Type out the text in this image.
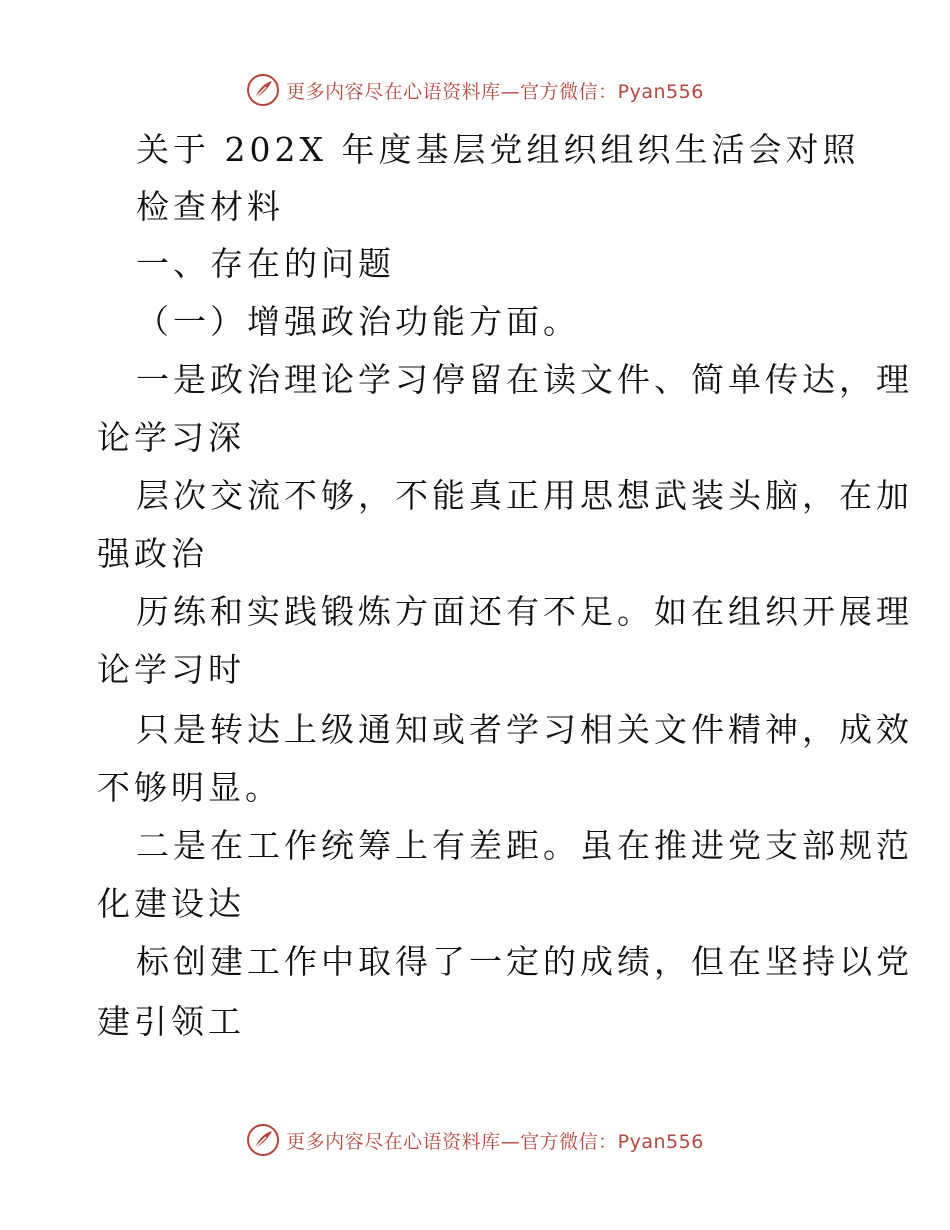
更多内容尽在心语资料库—官方微信：Pyan556
关于 202X 年度基层党组织组织生活会对照
检查材料
一、存在的问题
（一）增强政治功能方面。
一是政治理论学习停留在读文件、简单传达，理
论学习深
层次交流不够，不能真正用思想武装头脑，在加
强政治
历练和实践锻炼方面还有不足。如在组织开展理
论学习时
只是转达上级通知或者学习相关文件精神，成效
不够明显。
二是在工作统筹上有差距。虽在推进党支部规范
化建设达
标创建工作中取得了一定的成绩，但在坚持以党
建引领工
更多内容尽在心语资料库—官方微信：Pyan556
